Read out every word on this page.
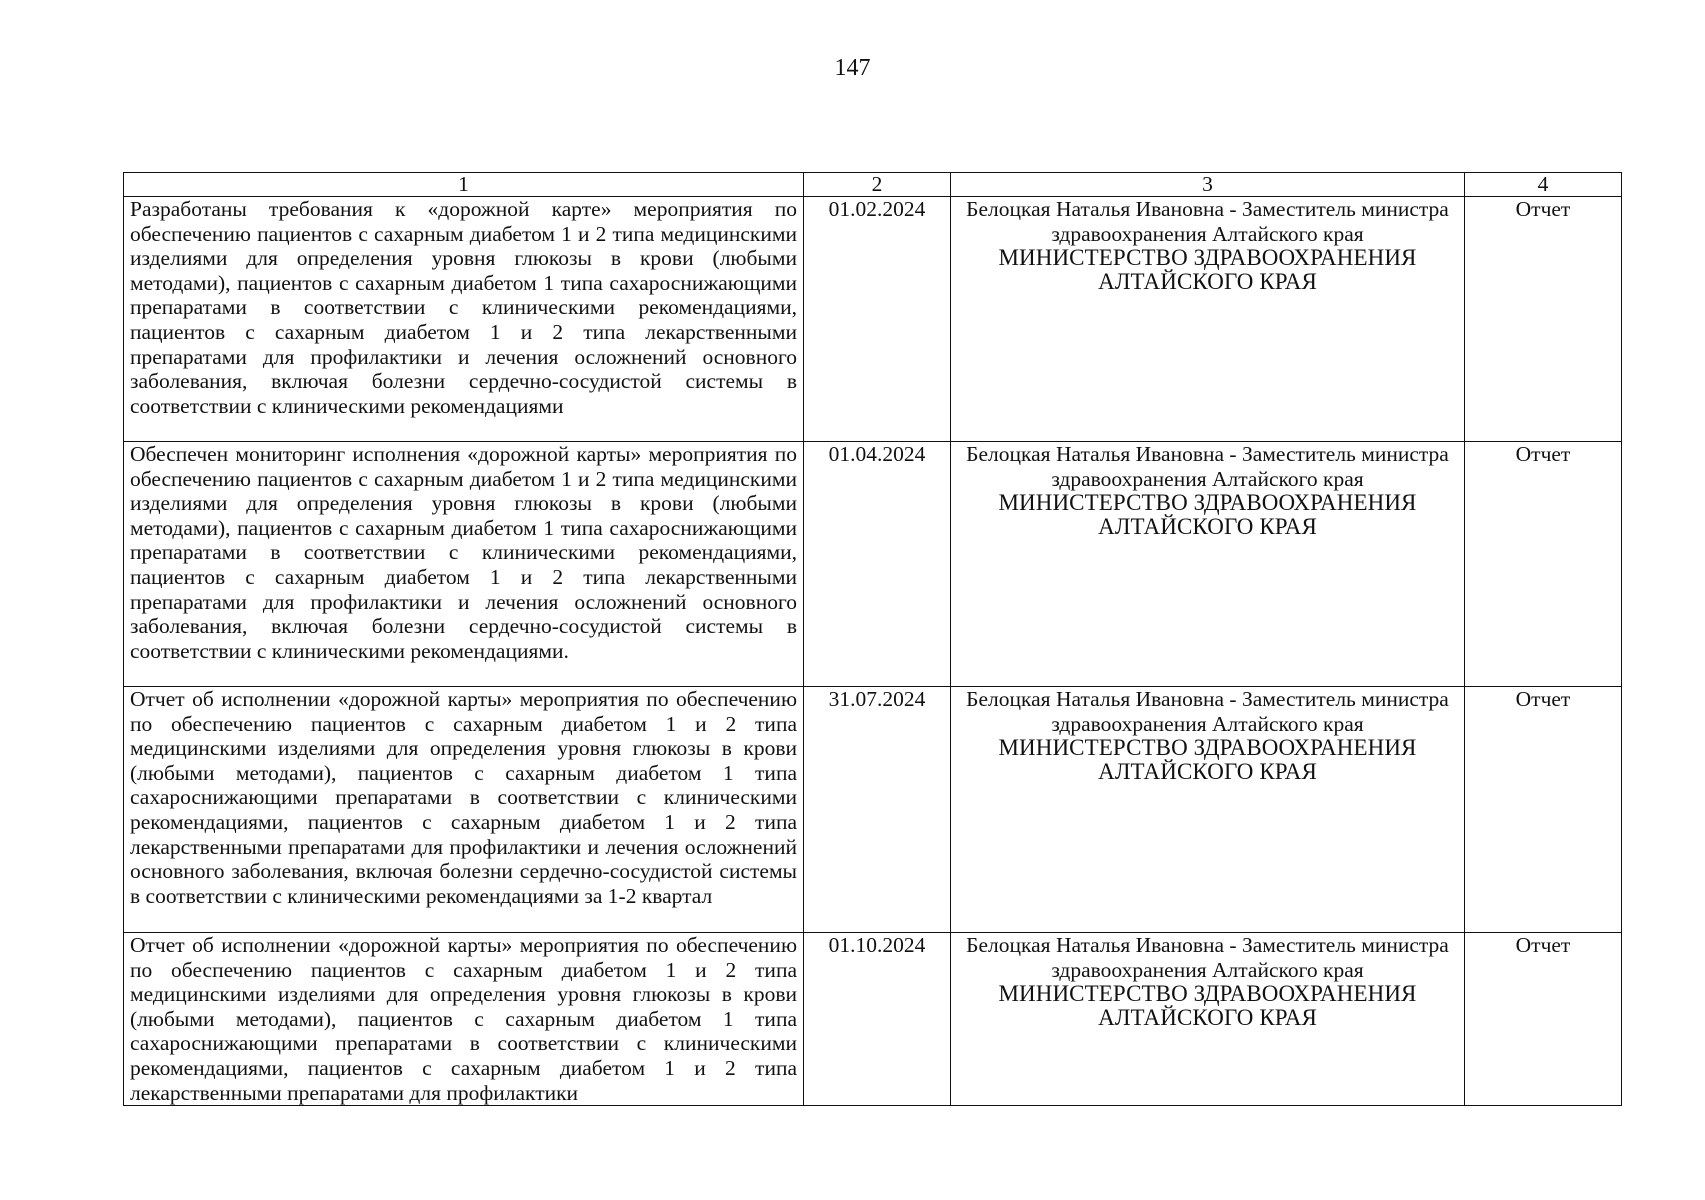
147
1	2	3	4
Разработаны требования к «дорожной карте» мероприятия по обеспечению пациентов с сахарным диабетом 1 и 2 типа медицинскими изделиями для определения уровня глюкозы в крови (любыми методами), пациентов с сахарным диабетом 1 типа сахароснижающими препаратами в соответствии с клиническими рекомендациями, пациентов с сахарным диабетом 1 и 2 типа лекарственными препаратами для профилактики и лечения осложнений основного заболевания, включая болезни сердечно-сосудистой системы в соответствии с клиническими рекомендациями	01.02.2024	Белоцкая Наталья Ивановна - Заместитель министра здравоохранения Алтайского края
МИНИСТЕРСТВО ЗДРАВООХРАНЕНИЯ АЛТАЙСКОГО КРАЯ	Отчет
Обеспечен мониторинг исполнения «дорожной карты» мероприятия по обеспечению пациентов с сахарным диабетом 1 и 2 типа медицинскими изделиями для определения уровня глюкозы в крови (любыми методами), пациентов с сахарным диабетом 1 типа сахароснижающими препаратами в соответствии с клиническими рекомендациями, пациентов с сахарным диабетом 1 и 2 типа лекарственными препаратами для профилактики и лечения осложнений основного заболевания, включая болезни сердечно-сосудистой системы в соответствии с клиническими рекомендациями.	01.04.2024	Белоцкая Наталья Ивановна - Заместитель министра здравоохранения Алтайского края
МИНИСТЕРСТВО ЗДРАВООХРАНЕНИЯ АЛТАЙСКОГО КРАЯ	Отчет
Отчет об исполнении «дорожной карты» мероприятия по обеспечению по обеспечению пациентов с сахарным диабетом 1 и 2 типа медицинскими изделиями для определения уровня глюкозы в крови (любыми методами), пациентов с сахарным диабетом 1 типа сахароснижающими препаратами в соответствии с клиническими рекомендациями, пациентов с сахарным диабетом 1 и 2 типа лекарственными препаратами для профилактики и лечения осложнений основного заболевания, включая болезни сердечно-сосудистой системы в соответствии с клиническими рекомендациями за 1-2 квартал	31.07.2024	Белоцкая Наталья Ивановна - Заместитель министра здравоохранения Алтайского края
МИНИСТЕРСТВО ЗДРАВООХРАНЕНИЯ АЛТАЙСКОГО КРАЯ	Отчет
Отчет об исполнении «дорожной карты» мероприятия по обеспечению по обеспечению пациентов с сахарным диабетом 1 и 2 типа медицинскими изделиями для определения уровня глюкозы в крови (любыми методами), пациентов с сахарным диабетом 1 типа сахароснижающими препаратами в соответствии с клиническими рекомендациями, пациентов с сахарным диабетом 1 и 2 типа лекарственными препаратами для профилактики	01.10.2024	Белоцкая Наталья Ивановна - Заместитель министра здравоохранения Алтайского края
МИНИСТЕРСТВО ЗДРАВООХРАНЕНИЯ АЛТАЙСКОГО КРАЯ	Отчет
